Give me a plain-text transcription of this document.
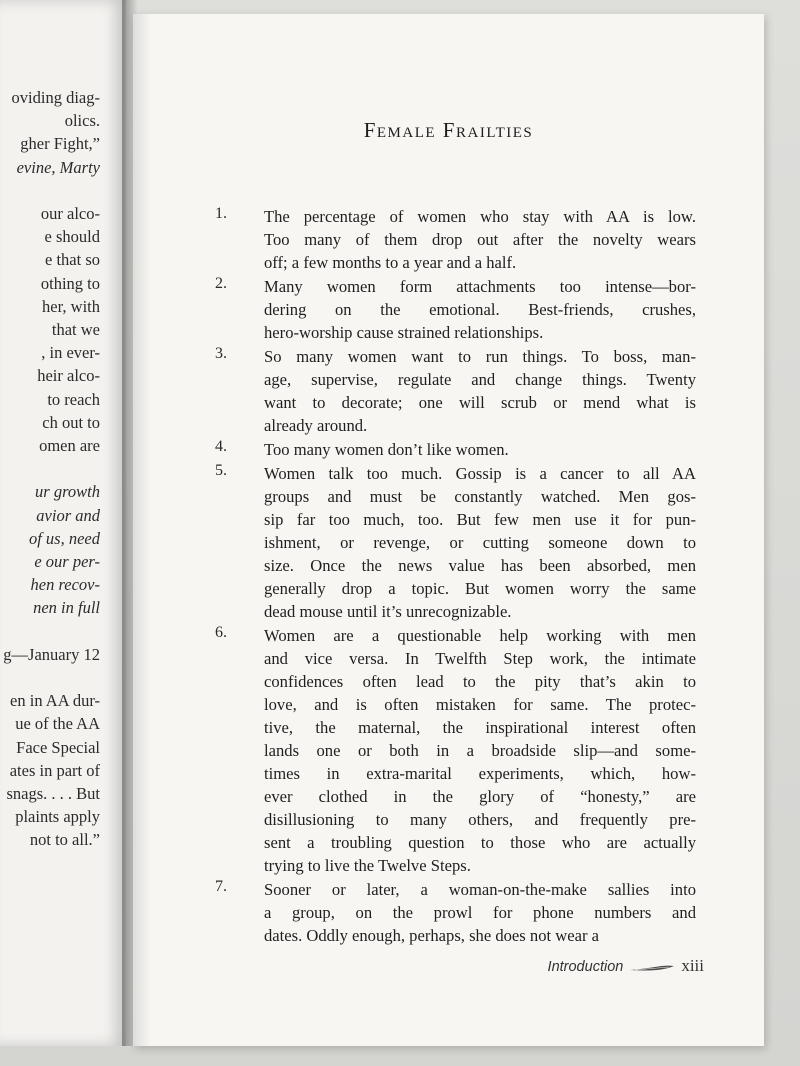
oviding diag-
olics.
gher Fight,”
evine, Marty
our alco-
e should
e that so
othing to
her, with
that we
, in ever-
heir alco-
to reach
ch out to
omen are
ur growth
avior and
of us, need
e our per-
hen recov-
nen in full
g—January 12
en in AA dur-
ue of the AA
Face Special
ates in part of
snags. . . . But
plaints apply
not to all.”
Female Frailties
1.	The percentage of women who stay with AA is low.
Too many of them drop out after the novelty wears
off; a few months to a year and a half.
2.	Many women form attachments too intense—bor-
dering on the emotional. Best-friends, crushes,
hero-worship cause strained relationships.
3.	So many women want to run things. To boss, man-
age, supervise, regulate and change things. Twenty
want to decorate; one will scrub or mend what is
already around.
4.	Too many women don’t like women.
5.	Women talk too much. Gossip is a cancer to all AA
groups and must be constantly watched. Men gos-
sip far too much, too. But few men use it for pun-
ishment, or revenge, or cutting someone down to
size. Once the news value has been absorbed, men
generally drop a topic. But women worry the same
dead mouse until it’s unrecognizable.
6.	Women are a questionable help working with men
and vice versa. In Twelfth Step work, the intimate
confidences often lead to the pity that’s akin to
love, and is often mistaken for same. The protec-
tive, the maternal, the inspirational interest often
lands one or both in a broadside slip—and some-
times in extra-marital experiments, which, how-
ever clothed in the glory of “honesty,” are
disillusioning to many others, and frequently pre-
sent a troubling question to those who are actually
trying to live the Twelve Steps.
7.	Sooner or later, a woman-on-the-make sallies into
a group, on the prowl for phone numbers and
dates. Oddly enough, perhaps, she does not wear a
Introduction	xiii
